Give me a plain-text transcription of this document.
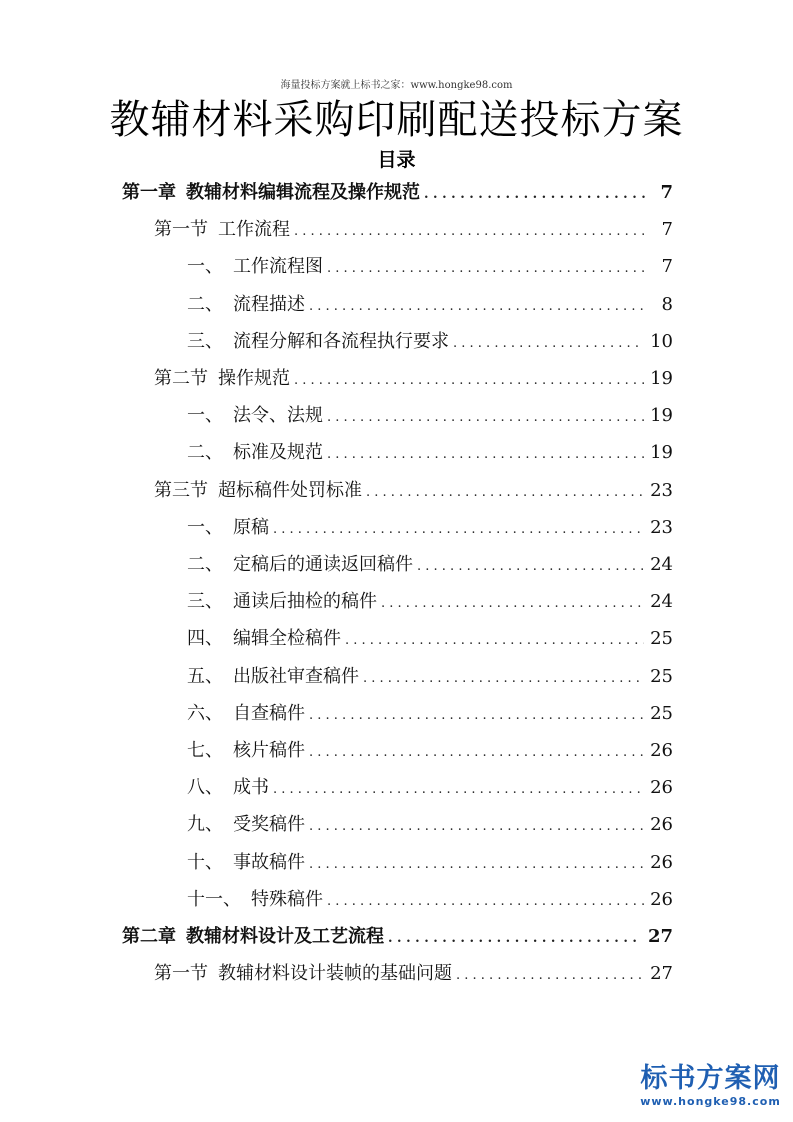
海量投标方案就上标书之家：www.hongke98.com
教辅材料采购印刷配送投标方案
目录
第一章 教辅材料编辑流程及操作规范 . . .	7
第一节 工作流程 . . .	7
一、 工作流程图 . . .	7
二、 流程描述 . . .	8
三、 流程分解和各流程执行要求 . . .	10
第二节 操作规范 . . .	19
一、 法令、法规 . . .	19
二、 标准及规范 . . .	19
第三节 超标稿件处罚标准 . . .	23
一、 原稿 . . .	23
二、 定稿后的通读返回稿件 . . .	24
三、 通读后抽检的稿件 . . .	24
四、 编辑全检稿件 . . .	25
五、 出版社审查稿件 . . .	25
六、 自查稿件 . . .	25
七、 核片稿件 . . .	26
八、 成书 . . .	26
九、 受奖稿件 . . .	26
十、 事故稿件 . . .	26
十一、 特殊稿件 . . .	26
第二章 教辅材料设计及工艺流程 . . .	27
第一节 教辅材料设计装帧的基础问题 . . .	27
标书方案网
www.hongke98.com
